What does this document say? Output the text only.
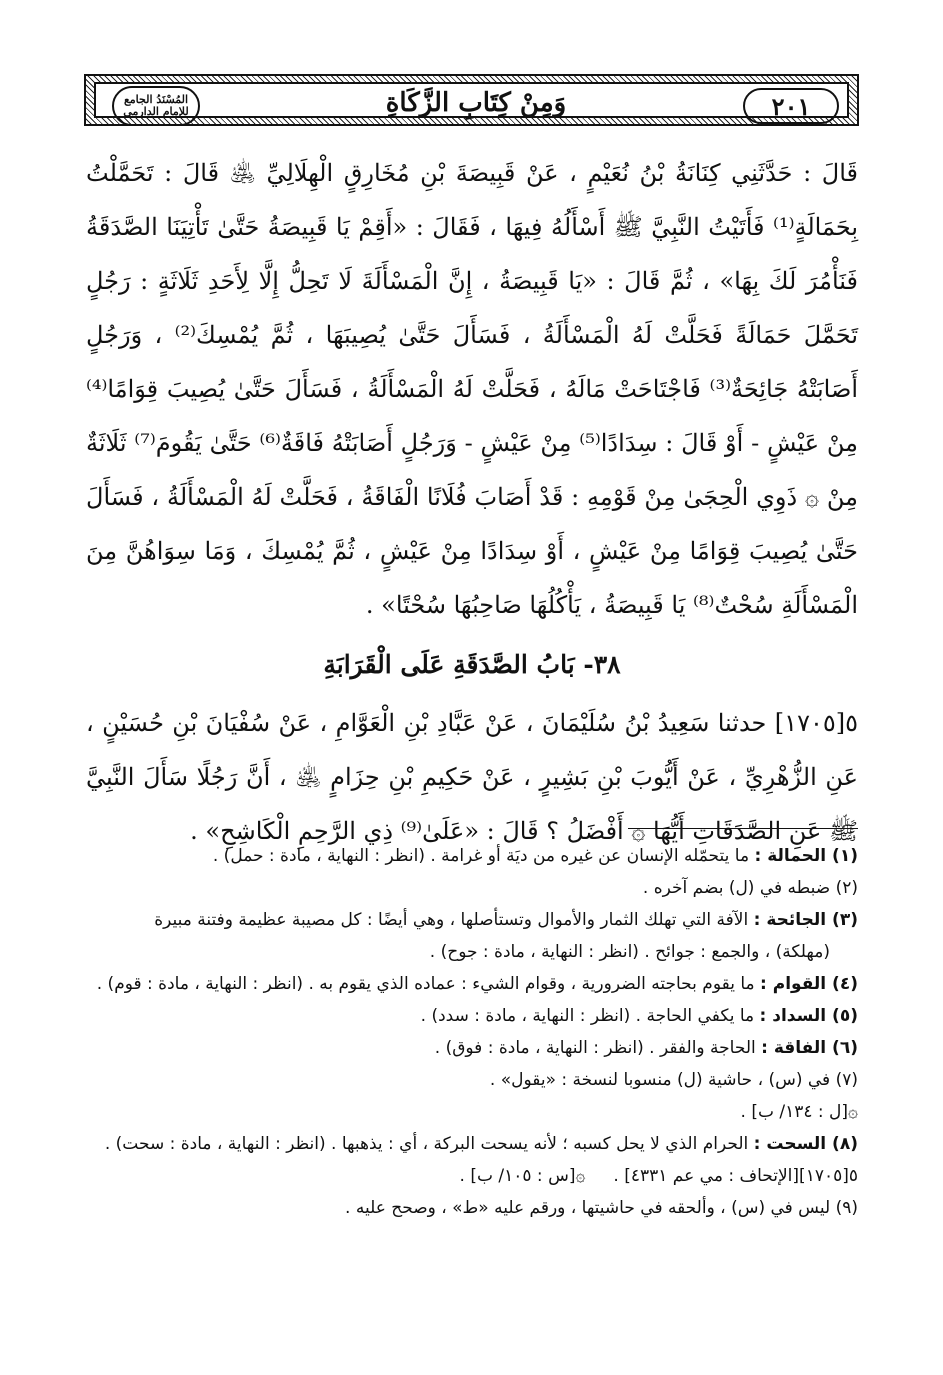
المُسْنَدُ الجامع للإمام الدارمي	وَمِنْ كِتَابِ الزَّكَاةِ	٢٠١

قَالَ : حَدَّثَنِي كِنَانَةُ بْنُ نُعَيْمٍ ، عَنْ قَبِيصَةَ بْنِ مُخَارِقٍ الْهِلَالِيِّ ﵁ قَالَ : تَحَمَّلْتُ بِحَمَالَةٍ⁽¹⁾ فَأَتَيْتُ النَّبِيَّ ﷺ أَسْأَلُهُ فِيهَا ، فَقَالَ : «أَقِمْ يَا قَبِيصَةُ حَتَّىٰ تَأْتِيَنَا الصَّدَقَةُ فَنَأْمُرَ لَكَ بِهَا» ، ثُمَّ قَالَ : «يَا قَبِيصَةُ ، إِنَّ الْمَسْأَلَةَ لَا تَحِلُّ إِلَّا لِأَحَدِ ثَلَاثَةٍ : رَجُلٍ تَحَمَّلَ حَمَالَةً فَحَلَّتْ لَهُ الْمَسْأَلَةُ ، فَسَأَلَ حَتَّىٰ يُصِيبَهَا ، ثُمَّ يُمْسِكَ⁽²⁾ ، وَرَجُلٍ أَصَابَتْهُ جَائِحَةٌ⁽³⁾ فَاجْتَاحَتْ مَالَهُ ، فَحَلَّتْ لَهُ الْمَسْأَلَةُ ، فَسَأَلَ حَتَّىٰ يُصِيبَ قِوَامًا⁽⁴⁾ مِنْ عَيْشٍ - أَوْ قَالَ : سِدَادًا⁽⁵⁾ مِنْ عَيْشٍ - وَرَجُلٍ أَصَابَتْهُ فَاقَةٌ⁽⁶⁾ حَتَّىٰ يَقُومَ⁽⁷⁾ ثَلَاثَةٌ مِنْ ۞ ذَوِي الْحِجَىٰ مِنْ قَوْمِهِ : قَدْ أَصَابَ فُلَانًا الْفَاقَةُ ، فَحَلَّتْ لَهُ الْمَسْأَلَةُ ، فَسَأَلَ حَتَّىٰ يُصِيبَ قِوَامًا مِنْ عَيْشٍ ، أَوْ سِدَادًا مِنْ عَيْشٍ ، ثُمَّ يُمْسِكَ ، وَمَا سِوَاهُنَّ مِنَ الْمَسْأَلَةِ سُحْتٌ⁽⁸⁾ يَا قَبِيصَةُ ، يَأْكُلُهَا صَاحِبُهَا سُحْتًا» .

٣٨- بَابُ الصَّدَقَةِ عَلَى الْقَرَابَةِ

٥[١٧٠٥] حدثنا سَعِيدُ بْنُ سُلَيْمَانَ ، عَنْ عَبَّادِ بْنِ الْعَوَّامِ ، عَنْ سُفْيَانَ بْنِ حُسَيْنٍ ، عَنِ الزُّهْرِيِّ ، عَنْ أَيُّوبَ بْنِ بَشِيرٍ ، عَنْ حَكِيمِ بْنِ حِزَامٍ ﵁ ، أَنَّ رَجُلًا سَأَلَ النَّبِيَّ ﷺ عَنِ الصَّدَقَاتِ أَيُّهَا ۞ أَفْضَلُ ؟ قَالَ : «عَلَىٰ⁽⁹⁾ ذِي الرَّحِمِ الْكَاشِحِ» .

(١) الحمالة : ما يتحمّله الإنسان عن غيره من ديَة أو غرامة . (انظر : النهاية ، مادة : حمل) .

(٢) ضبطه في (ل) بضم آخره .

(٣) الجائحة : الآفة التي تهلك الثمار والأموال وتستأصلها ، وهي أيضًا : كل مصيبة عظيمة وفتنة مبيرة

(مهلكة) ، والجمع : جوائح . (انظر : النهاية ، مادة : جوح) .

(٤) القوام : ما يقوم بحاجته الضرورية ، وقوام الشيء : عماده الذي يقوم به . (انظر : النهاية ، مادة : قوم) .

(٥) السداد : ما يكفي الحاجة . (انظر : النهاية ، مادة : سدد) .

(٦) الفاقة : الحاجة والفقر . (انظر : النهاية ، مادة : فوق) .

(٧) في (س) ، حاشية (ل) منسوبا لنسخة : «يقول» .

۞[ل : ١٣٤/ ب] .

(٨) السحت : الحرام الذي لا يحل كسبه ؛ لأنه يسحت البركة ، أي : يذهبها . (انظر : النهاية ، مادة : سحت) .

٥[١٧٠٥][الإتحاف : مي عم ٤٣٣١] .
۞[س : ١٠٥/ ب] .

(٩) ليس في (س) ، وألحقه في حاشيتها ، ورقم عليه «ط» ، وصحح عليه .
